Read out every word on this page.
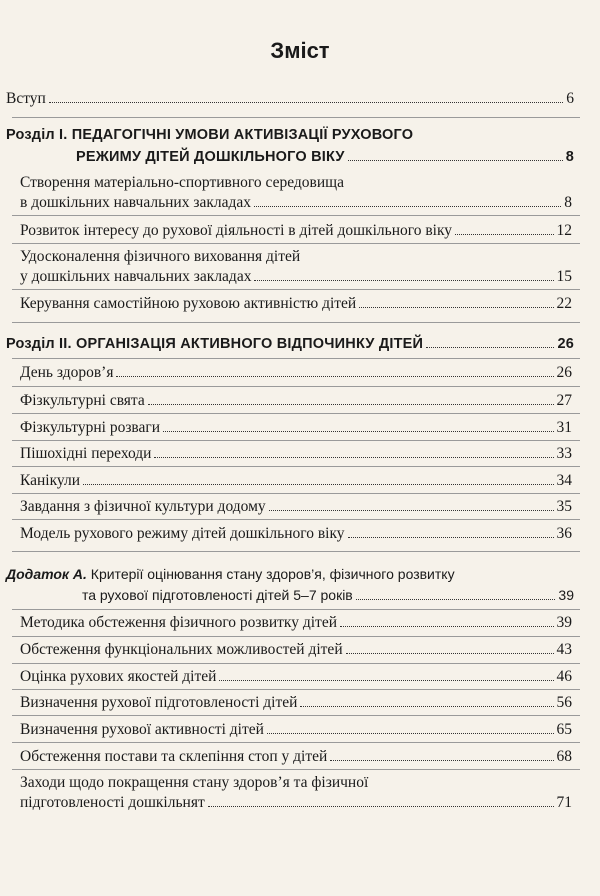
Зміст
Вступ	6
Розділ I. ПЕДАГОГІЧНІ УМОВИ АКТИВІЗАЦІЇ РУХОВОГО
РЕЖИМУ ДІТЕЙ ДОШКІЛЬНОГО ВІКУ	8
Створення матеріально-спортивного середовища
в дошкільних навчальних закладах	8
Розвиток інтересу до рухової діяльності в дітей дошкільного віку	12
Удосконалення фізичного виховання дітей
у дошкільних навчальних закладах	15
Керування самостійною руховою активністю дітей	22
Розділ II. ОРГАНІЗАЦІЯ АКТИВНОГО ВІДПОЧИНКУ ДІТЕЙ	26
День здоров’я	26
Фізкультурні свята	27
Фізкультурні розваги	31
Пішохідні переходи	33
Канікули	34
Завдання з фізичної культури додому	35
Модель рухового режиму дітей дошкільного віку	36
Додаток А. Критерії оцінювання стану здоров’я, фізичного розвитку
та рухової підготовленості дітей 5–7 років	39
Методика обстеження фізичного розвитку дітей	39
Обстеження функціональних можливостей дітей	43
Оцінка рухових якостей дітей	46
Визначення рухової підготовленості дітей	56
Визначення рухової активності дітей	65
Обстеження постави та склепіння стоп у дітей	68
Заходи щодо покращення стану здоров’я та фізичної
підготовленості дошкільнят	71
